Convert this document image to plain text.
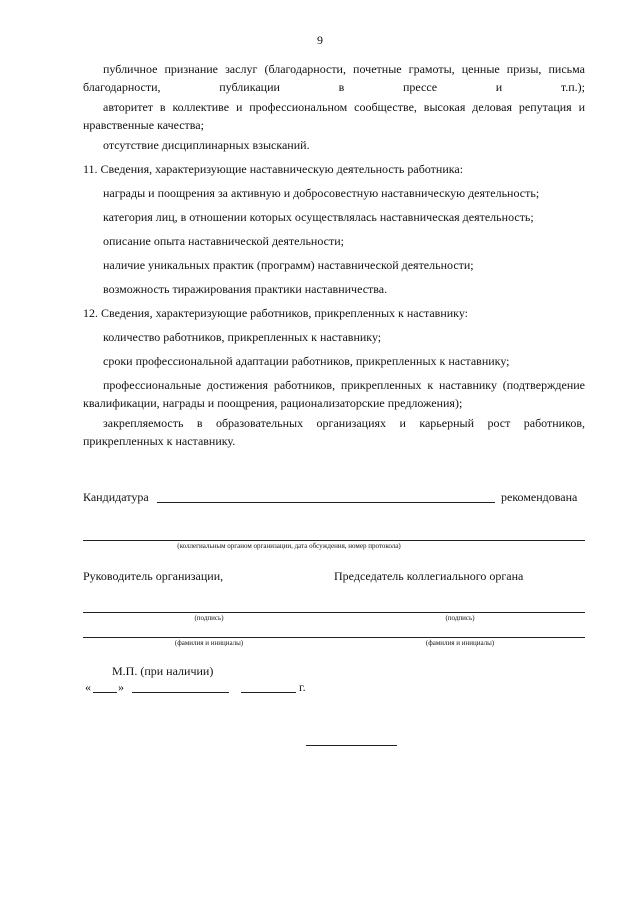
9

публичное признание заслуг (благодарности, почетные грамоты, ценные призы, письма благодарности, публикации в прессе и т.п.);

авторитет в коллективе и профессиональном сообществе, высокая деловая репутация и нравственные качества;

отсутствие дисциплинарных взысканий.

11. Сведения, характеризующие наставническую деятельность работника:

награды и поощрения за активную и добросовестную наставническую деятельность;

категория лиц, в отношении которых осуществлялась наставническая деятельность;

описание опыта наставнической деятельности;

наличие уникальных практик (программ) наставнической деятельности;

возможность тиражирования практики наставничества.

12. Сведения, характеризующие работников, прикрепленных к наставнику:

количество работников, прикрепленных к наставнику;

сроки профессиональной адаптации работников, прикрепленных к наставнику;

профессиональные достижения работников, прикрепленных к наставнику (подтверждение квалификации, награды и поощрения, рационализаторские предложения);

закрепляемость в образовательных организациях и карьерный рост работников, прикрепленных к наставнику.

Кандидатура	рекомендована
(коллегиальным органом организации, дата обсуждения, номер протокола)
Руководитель организации,	Председатель коллегиального органа
(подпись)	(подпись)
(фамилия и инициалы)	(фамилия и инициалы)
М.П. (при наличии)
« »	г.
